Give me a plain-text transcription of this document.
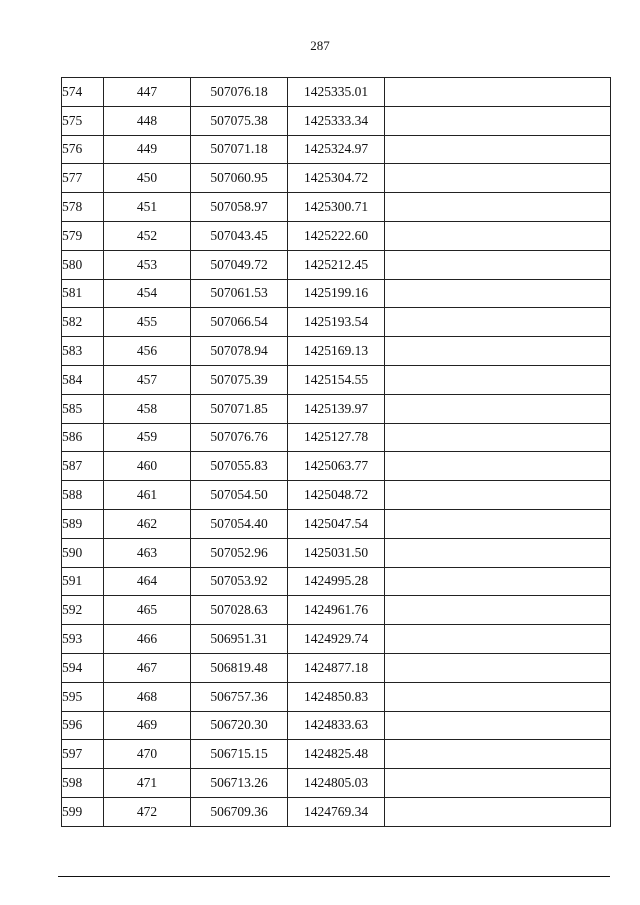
287
574	447	507076.18	1425335.01	
575	448	507075.38	1425333.34	
576	449	507071.18	1425324.97	
577	450	507060.95	1425304.72	
578	451	507058.97	1425300.71	
579	452	507043.45	1425222.60	
580	453	507049.72	1425212.45	
581	454	507061.53	1425199.16	
582	455	507066.54	1425193.54	
583	456	507078.94	1425169.13	
584	457	507075.39	1425154.55	
585	458	507071.85	1425139.97	
586	459	507076.76	1425127.78	
587	460	507055.83	1425063.77	
588	461	507054.50	1425048.72	
589	462	507054.40	1425047.54	
590	463	507052.96	1425031.50	
591	464	507053.92	1424995.28	
592	465	507028.63	1424961.76	
593	466	506951.31	1424929.74	
594	467	506819.48	1424877.18	
595	468	506757.36	1424850.83	
596	469	506720.30	1424833.63	
597	470	506715.15	1424825.48	
598	471	506713.26	1424805.03	
599	472	506709.36	1424769.34	
